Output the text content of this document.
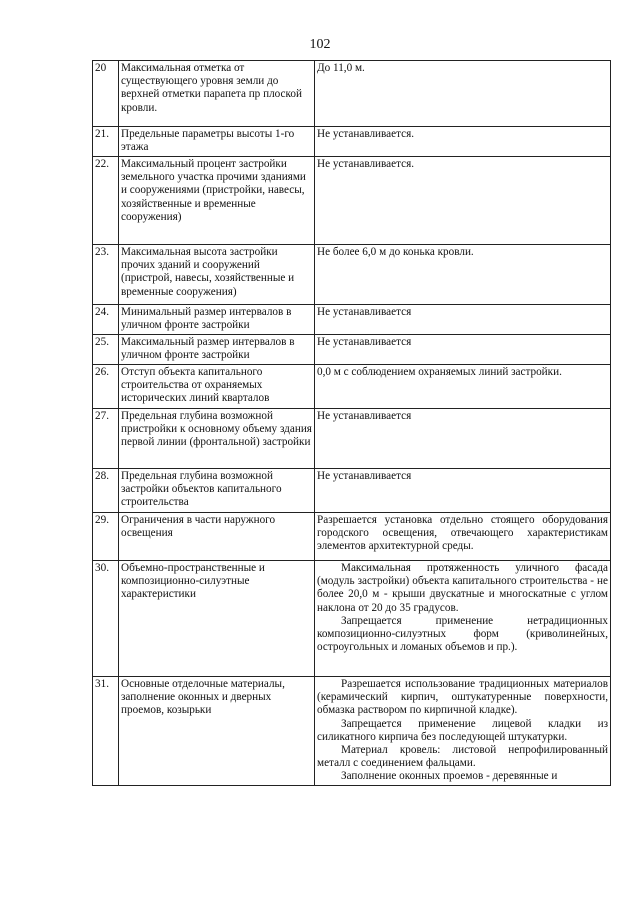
102
20	Максимальная отметка от существующего уровня земли до верхней отметки парапета пр плоской кровли.	До 11,0 м.

21.	Предельные параметры высоты 1-го этажа	Не устанавливается.

22.	Максимальный процент застройки земельного участка прочими зданиями и сооружениями (пристройки, навесы, хозяйственные и временные сооружения)	Не устанавливается.

23.	Максимальная высота застройки прочих зданий и сооружений (пристрой, навесы, хозяйственные и временные сооружения)	Не более 6,0 м до конька кровли.

24.	Минимальный размер интервалов в уличном фронте застройки	Не устанавливается

25.	Максимальный размер интервалов в уличном фронте застройки	Не устанавливается

26.	Отступ объекта капитального строительства от охраняемых исторических линий кварталов	0,0 м с соблюдением охраняемых линий застройки.

27.	Предельная глубина возможной пристройки к основному объему здания первой линии (фронтальной) застройки	Не устанавливается

28.	Предельная глубина возможной застройки объектов капитального строительства	Не устанавливается

29.	Ограничения в части наружного освещения	Разрешается установка отдельно стоящего оборудования городского освещения, отвечающего характеристикам элементов архитектурной среды.

30.	Объемно-пространственные и композиционно-силуэтные характеристики	Максимальная протяженность уличного фасада (модуль застройки) объекта капитального строительства - не более 20,0 м - крыши двускатные и многоскатные с углом наклона от 20 до 35 градусов.

Запрещается применение нетрадиционных композиционно-силуэтных форм (криволинейных, остроугольных и ломаных объемов и пр.).

31.	Основные отделочные материалы, заполнение оконных и дверных проемов, козырьки	Разрешается использование традиционных материалов (керамический кирпич, оштукатуренные поверхности, обмазка раствором по кирпичной кладке).

Запрещается применение лицевой кладки из силикатного кирпича без последующей штукатурки.

Материал кровель: листовой непрофилированный металл с соединением фальцами.

Заполнение оконных проемов - деревянные и
